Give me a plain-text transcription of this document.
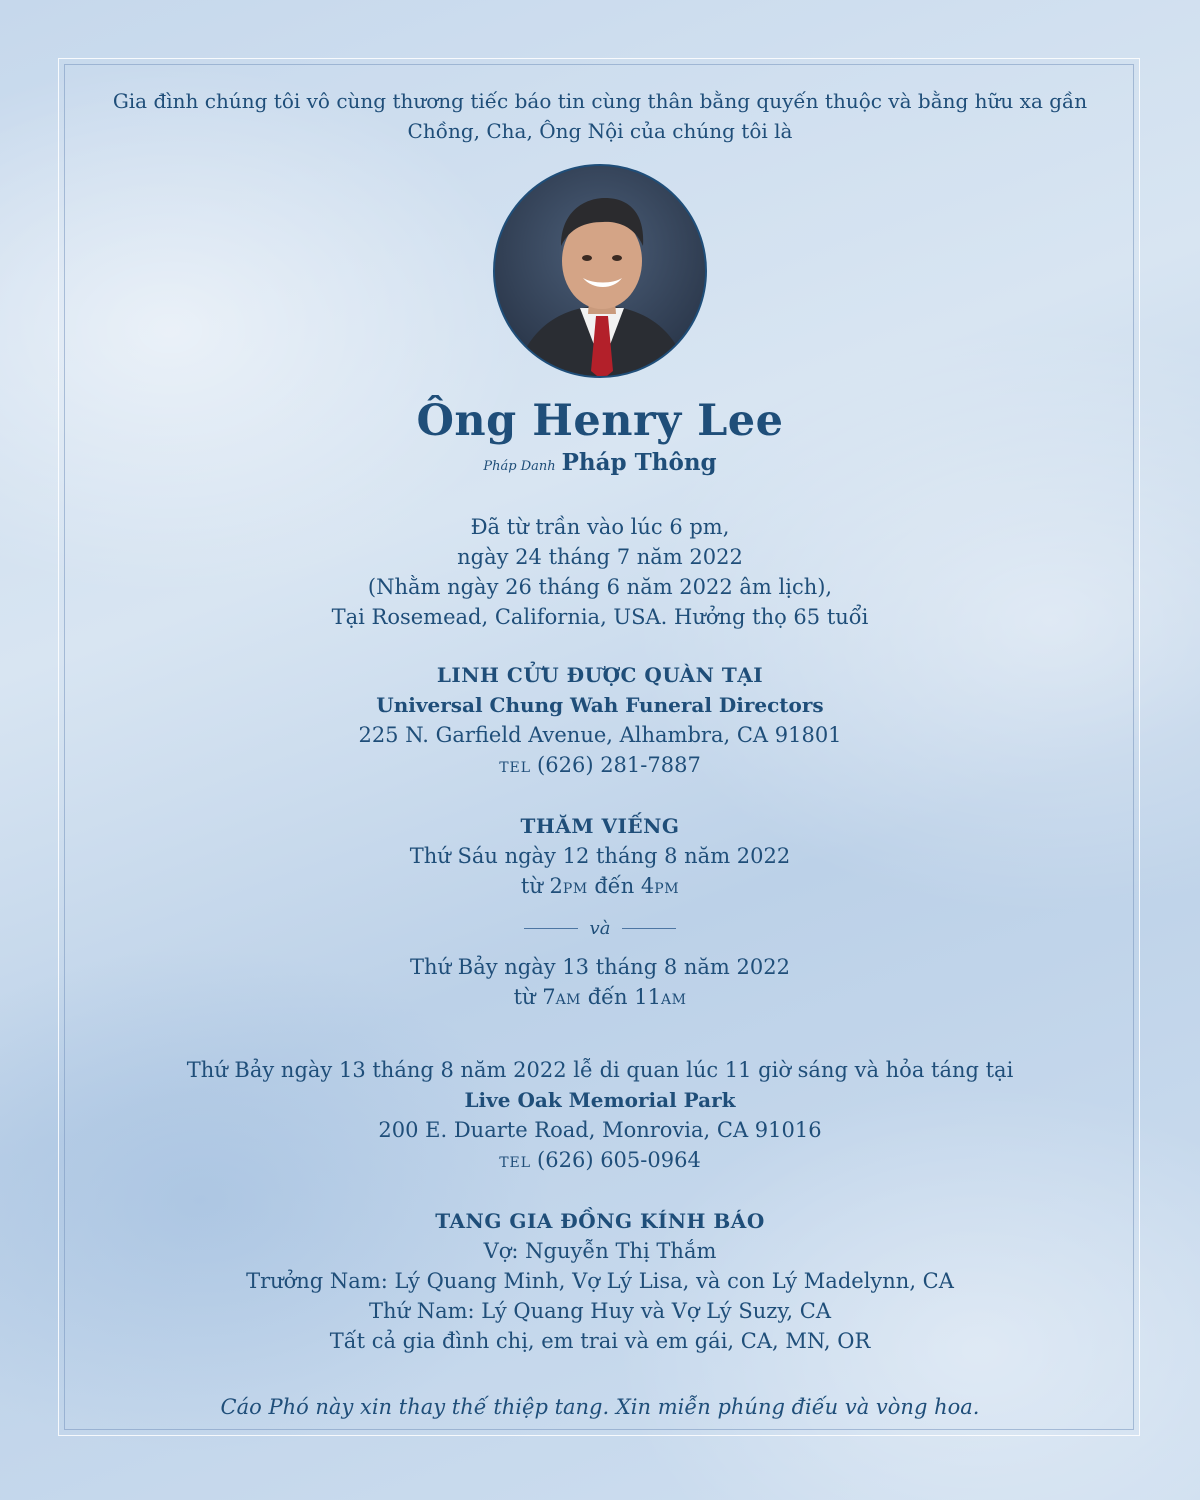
Gia đình chúng tôi vô cùng thương tiếc báo tin cùng thân bằng quyến thuộc và bằng hữu xa gần

Chồng, Cha, Ông Nội của chúng tôi là

Ông Henry Lee

Pháp Danh Pháp Thông

Đã từ trần vào lúc 6 pm,

ngày 24 tháng 7 năm 2022

(Nhằm ngày 26 tháng 6 năm 2022 âm lịch),

Tại Rosemead, California, USA. Hưởng thọ 65 tuổi

LINH CỬU ĐƯỢC QUÀN TẠI

Universal Chung Wah Funeral Directors

225 N. Garfield Avenue, Alhambra, CA 91801

TEL (626) 281-7887

THĂM VIẾNG

Thứ Sáu ngày 12 tháng 8 năm 2022

từ 2PM đến 4PM

và

Thứ Bảy ngày 13 tháng 8 năm 2022

từ 7AM đến 11AM

Thứ Bảy ngày 13 tháng 8 năm 2022 lễ di quan lúc 11 giờ sáng và hỏa táng tại

Live Oak Memorial Park

200 E. Duarte Road, Monrovia, CA 91016

TEL (626) 605-0964

TANG GIA ĐỒNG KÍNH BÁO

Vợ: Nguyễn Thị Thắm

Trưởng Nam: Lý Quang Minh, Vợ Lý Lisa, và con Lý Madelynn, CA

Thứ Nam: Lý Quang Huy và Vợ Lý Suzy, CA

Tất cả gia đình chị, em trai và em gái, CA, MN, OR

Cáo Phó này xin thay thế thiệp tang. Xin miễn phúng điếu và vòng hoa.
